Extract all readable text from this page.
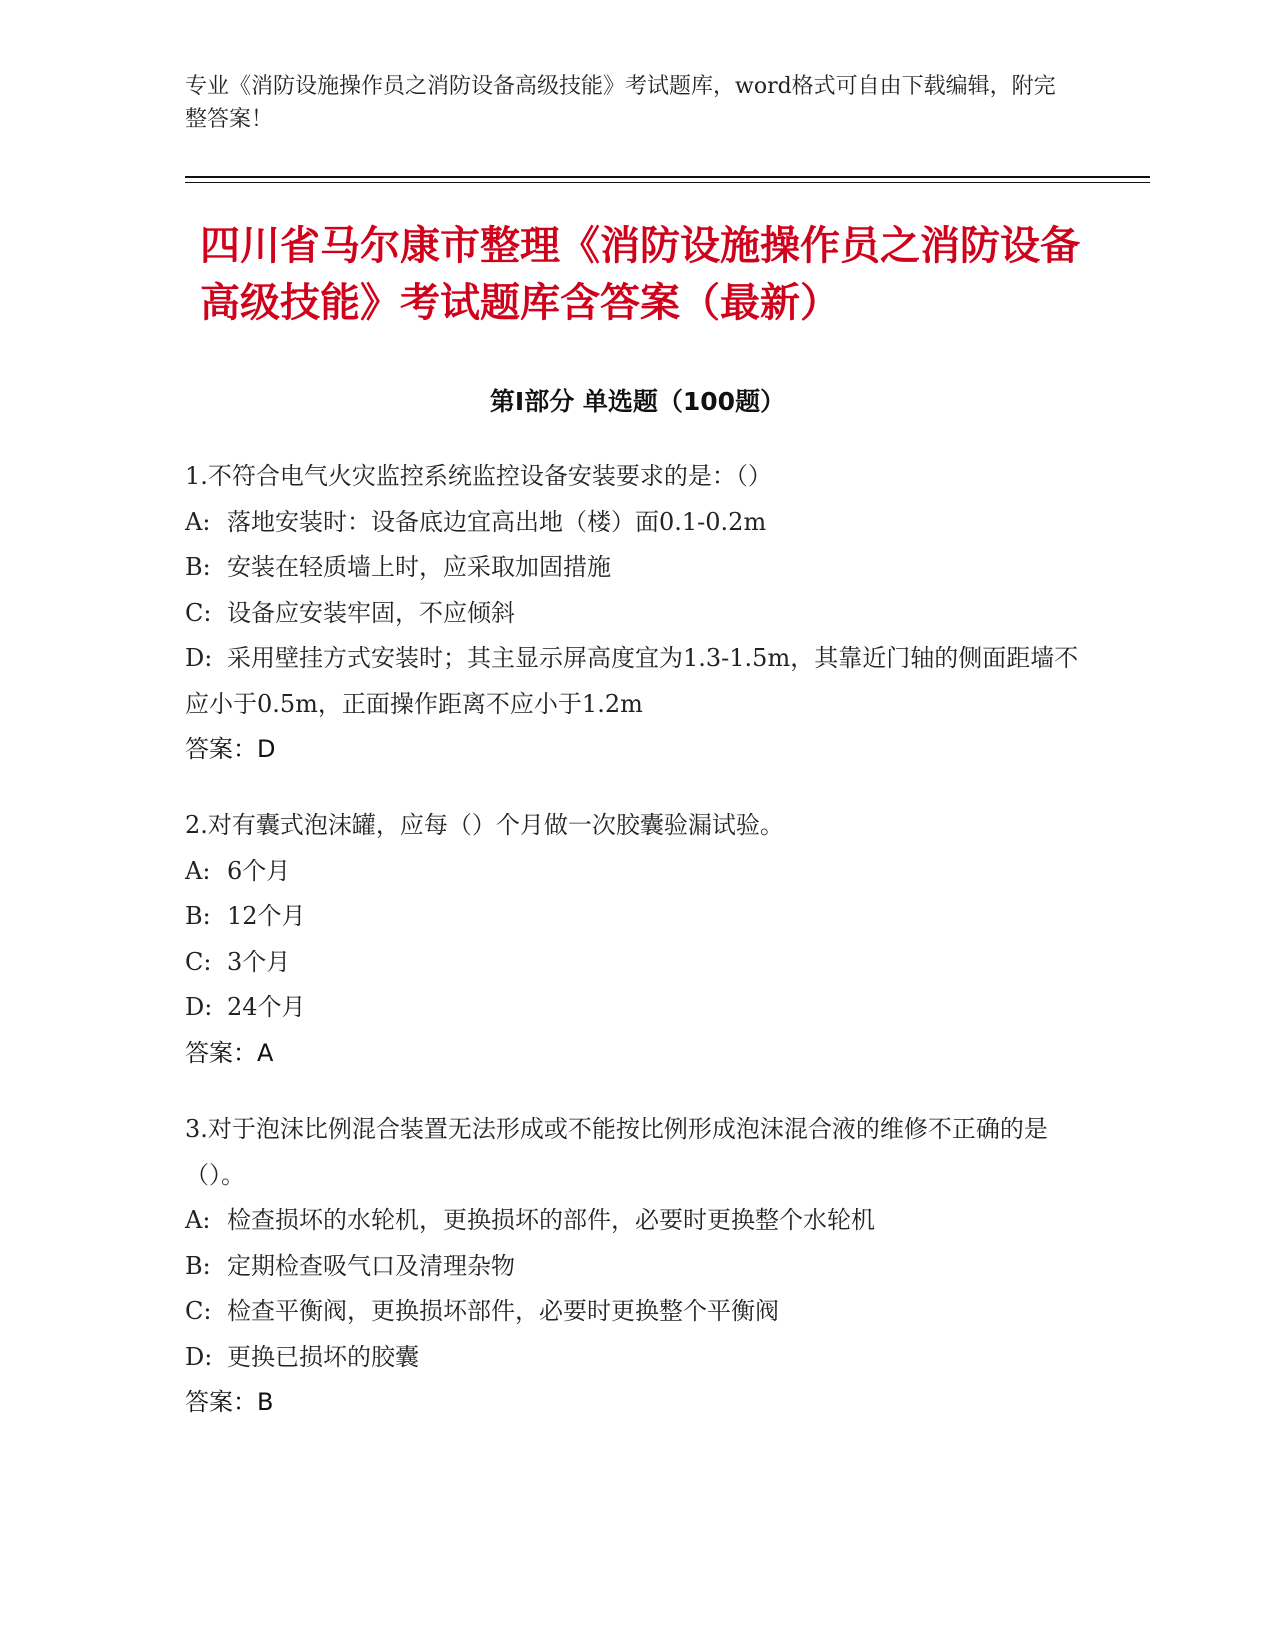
专业《消防设施操作员之消防设备高级技能》考试题库，word格式可自由下载编辑，附完整答案！
四川省马尔康市整理《消防设施操作员之消防设备高级技能》考试题库含答案（最新）
第Ⅰ部分 单选题（100题）
1.不符合电气火灾监控系统监控设备安装要求的是：（）
A: 落地安装时：设备底边宜高出地（楼）面0.1-0.2m
B: 安装在轻质墙上时，应采取加固措施
C: 设备应安装牢固，不应倾斜
D: 采用壁挂方式安装时；其主显示屏高度宜为1.3-1.5m，其靠近门轴的侧面距墙不应小于0.5m，正面操作距离不应小于1.2m
答案：D
2.对有囊式泡沫罐，应每（）个月做一次胶囊验漏试验。
A: 6个月
B: 12个月
C: 3个月
D: 24个月
答案：A
3.对于泡沫比例混合装置无法形成或不能按比例形成泡沫混合液的维修不正确的是（）。
A: 检查损坏的水轮机，更换损坏的部件，必要时更换整个水轮机
B: 定期检查吸气口及清理杂物
C: 检查平衡阀，更换损坏部件，必要时更换整个平衡阀
D: 更换已损坏的胶囊
答案：B
